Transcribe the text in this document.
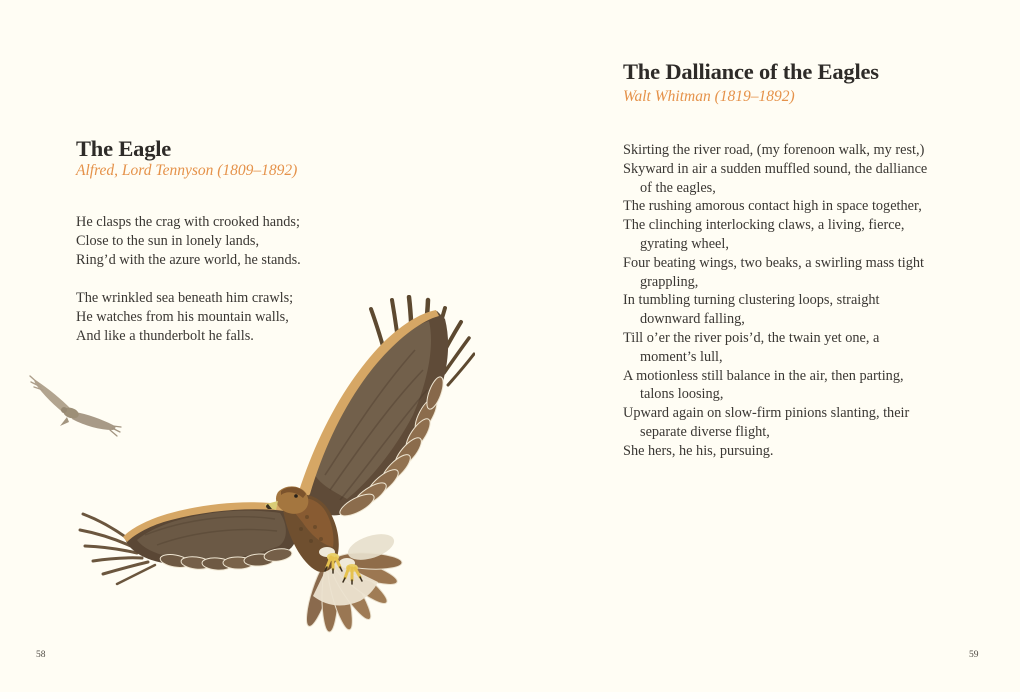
The Eagle

Alfred, Lord Tennyson (1809–1892)

He clasps the crag with crooked hands;
Close to the sun in lonely lands,
Ring’d with the azure world, he stands.
The wrinkled sea beneath him crawls;
He watches from his mountain walls,
And like a thunderbolt he falls.
58
The Dalliance of the Eagles

Walt Whitman (1819–1892)

Skirting the river road, (my forenoon walk, my rest,)
Skyward in air a sudden muffled sound, the dalliance
of the eagles,
The rushing amorous contact high in space together,
The clinching interlocking claws, a living, fierce,
gyrating wheel,
Four beating wings, two beaks, a swirling mass tight
grappling,
In tumbling turning clustering loops, straight
downward falling,
Till o’er the river pois’d, the twain yet one, a
moment’s lull,
A motionless still balance in the air, then parting,
talons loosing,
Upward again on slow-firm pinions slanting, their
separate diverse flight,
She hers, he his, pursuing.
59
